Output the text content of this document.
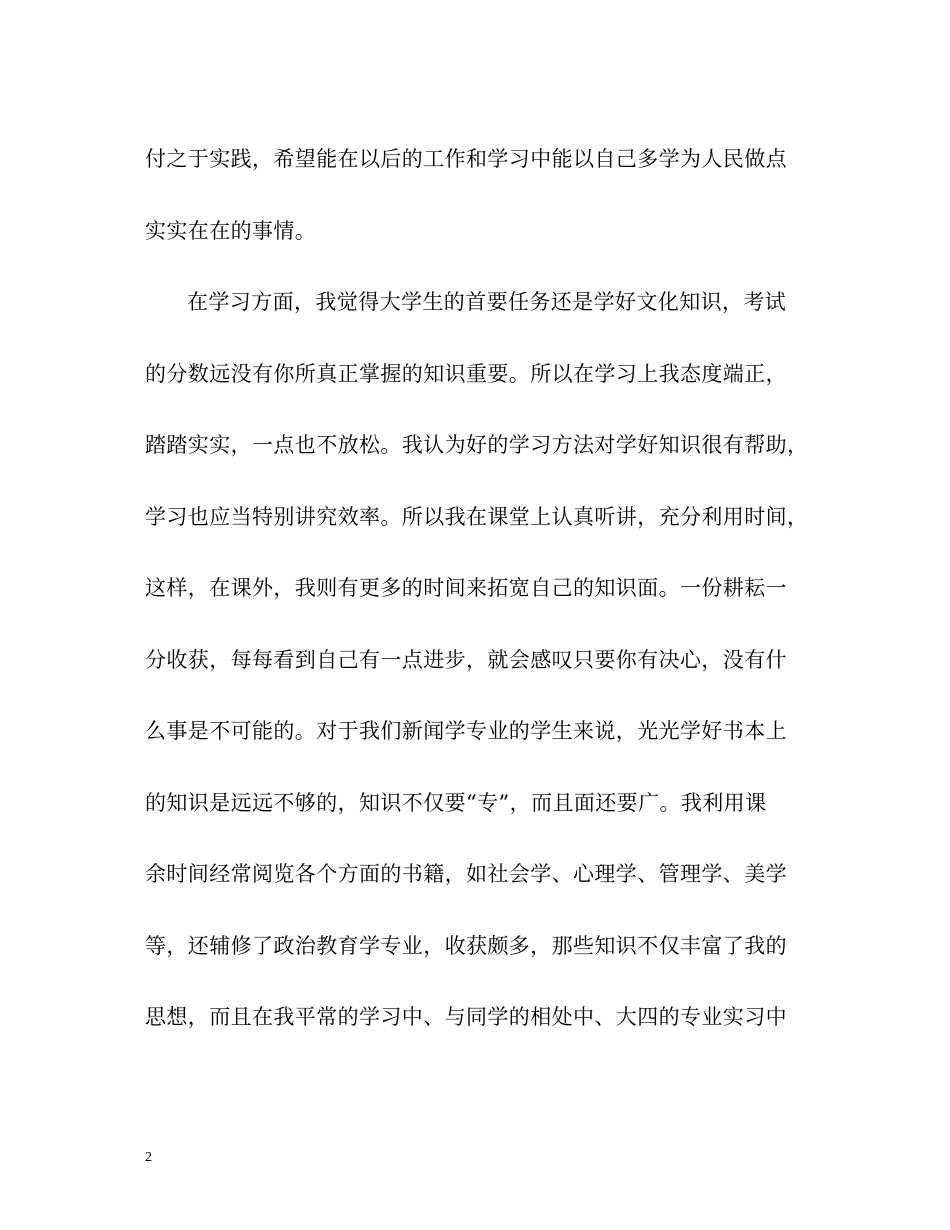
付之于实践，希望能在以后的工作和学习中能以自己多学为人民做点
实实在在的事情。
在学习方面，我觉得大学生的首要任务还是学好文化知识，考试
的分数远没有你所真正掌握的知识重要。所以在学习上我态度端正，
踏踏实实，一点也不放松。我认为好的学习方法对学好知识很有帮助，
学习也应当特别讲究效率。所以我在课堂上认真听讲，充分利用时间，
这样，在课外，我则有更多的时间来拓宽自己的知识面。一份耕耘一
分收获，每每看到自己有一点进步，就会感叹只要你有决心，没有什
么事是不可能的。对于我们新闻学专业的学生来说，光光学好书本上
的知识是远远不够的，知识不仅要“专”，而且面还要广。我利用课
余时间经常阅览各个方面的书籍，如社会学、心理学、管理学、美学
等，还辅修了政治教育学专业，收获颇多，那些知识不仅丰富了我的
思想，而且在我平常的学习中、与同学的相处中、大四的专业实习中
2
